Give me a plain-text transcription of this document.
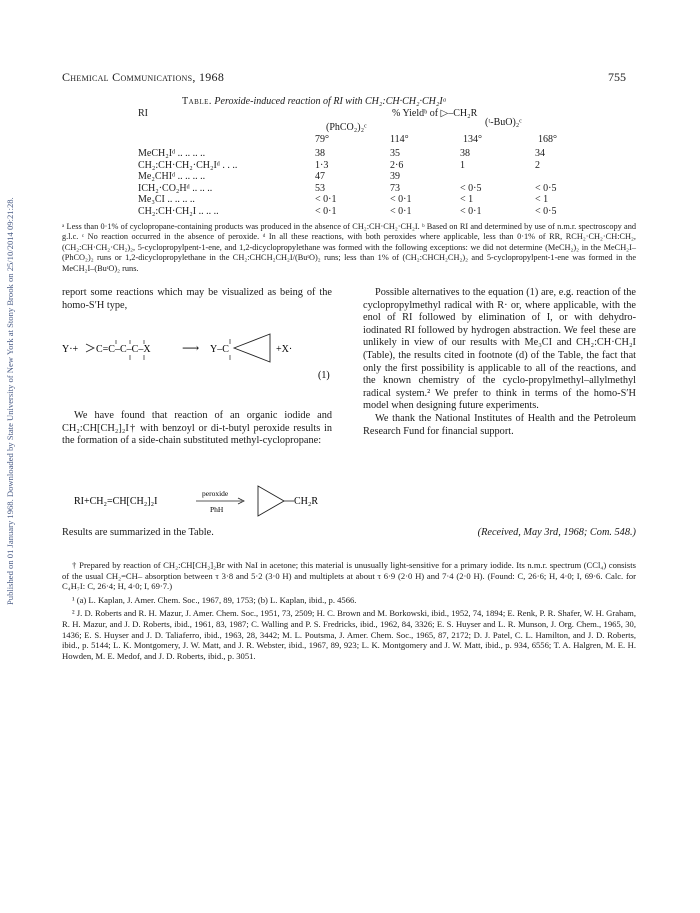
Published on 01 January 1968. Downloaded by State University of New York at Stony Brook on 25/10/2014 09:21:28.
Chemical Communications, 1968	755
Table. Peroxide-induced reaction of RI with CH₂:CH·CH₂·CH₂Iᵃ
RI	% Yieldᵇ of ▷–CH₂R
(PhCO₂)₂ᶜ	(ᵗ-BuO)₂ᶜ
79°	114°	134°	168°
MeCH₂Iᵈ .. .. .. ..	38	35	38	34
CH₂:CH·CH₂·CH₂Iᵈ . . ..	1·3	2·6	1	2
Me₂CHIᵈ .. .. .. ..	47	39
ICH₂·CO₂Hᵈ .. .. ..	53	73	< 0·5	< 0·5
Me₃CI .. .. .. ..	< 0·1	< 0·1	< 1	< 1
CH₂:CH·CH₂I .. .. ..	< 0·1	< 0·1	< 0·1	< 0·5

ᵃ Less than 0·1% of cyclopropane-containing products was produced in the absence of CH₂:CH·CH₂·CH₂I. ᵇ Based on RI and determined by use of n.m.r. spectroscopy and g.l.c. ᶜ No reaction occurred in the absence of peroxide. ᵈ In all these reactions, with both peroxides where applicable, less than 0·1% of RR, RCH₂·CH₂·CH:CH₂, (CH₂:CH·CH₂·CH₂)₂, 5-cyclopropylpent-1-ene, and 1,2-dicyclopropylethane was formed with the following exceptions: we did not determine (MeCH₂)₂ in the MeCH₂I–(PhCO₂)₂ runs or 1,2-dicyclopropylethane in the CH₂:CHCH₂CH₂I/(BuᵗO)₂ runs; less than 1% of (CH₂:CHCH₂CH₂)₂ and 5-cyclopropylpent-1-ene was formed in the MeCH₂I–(BuᵗO)₂ runs.

report some reactions which may be visualized as being of the homo-S′H type,

Y·+ C=C–C–C–X	⟶ Y–C	+X·
(1)

We have found that reaction of an organic iodide and CH₂:CH[CH₂]₂I† with benzoyl or di-t-butyl peroxide results in the formation of a side-chain substituted methyl-cyclopropane:

RI+CH₂=CH[CH₂]₂I
peroxide
PhH
CH₂R
Results are summarized in the Table.

Possible alternatives to the equation (1) are, e.g. reaction of the cyclopropylmethyl radical with R· or, where applicable, with the enol of RI followed by elimination of I, or with dehydro-iodinated RI followed by hydrogen abstraction. We feel these are unlikely in view of our results with Me₃CI and CH₂:CH·CH₂I (Table), the results cited in footnote (d) of the Table, the fact that only the first possibility is applicable to all of the reactions, and the known chemistry of the cyclo-propylmethyl–allylmethyl radical system.² We prefer to think in terms of the homo-S′H model when designing future experiments.

We thank the National Institutes of Health and the Petroleum Research Fund for financial support.

(Received, May 3rd, 1968; Com. 548.)

† Prepared by reaction of CH₂:CH[CH₂]₂Br with NaI in acetone; this material is unusually light-sensitive for a primary iodide. Its n.m.r. spectrum (CCl₄) consists of the usual CH₂=CH– absorption between τ 3·8 and 5·2 (3·0 H) and multiplets at about τ 6·9 (2·0 H) and 7·4 (2·0 H). (Found: C, 26·6; H, 4·0; I, 69·6. Calc. for C₄H₇I: C, 26·4; H, 4·0; I, 69·7.)

¹ (a) L. Kaplan, J. Amer. Chem. Soc., 1967, 89, 1753; (b) L. Kaplan, ibid., p. 4566.

² J. D. Roberts and R. H. Mazur, J. Amer. Chem. Soc., 1951, 73, 2509; H. C. Brown and M. Borkowski, ibid., 1952, 74, 1894; E. Renk, P. R. Shafer, W. H. Graham, R. H. Mazur, and J. D. Roberts, ibid., 1961, 83, 1987; C. Walling and P. S. Fredricks, ibid., 1962, 84, 3326; E. S. Huyser and L. R. Munson, J. Org. Chem., 1965, 30, 1436; E. S. Huyser and J. D. Taliaferro, ibid., 1963, 28, 3442; M. L. Poutsma, J. Amer. Chem. Soc., 1965, 87, 2172; D. J. Patel, C. L. Hamilton, and J. D. Roberts, ibid., p. 5144; L. K. Montgomery, J. W. Matt, and J. R. Webster, ibid., 1967, 89, 923; L. K. Montgomery and J. W. Matt, ibid., p. 934, 6556; T. A. Halgren, M. E. H. Howden, M. E. Medof, and J. D. Roberts, ibid., p. 3051.
